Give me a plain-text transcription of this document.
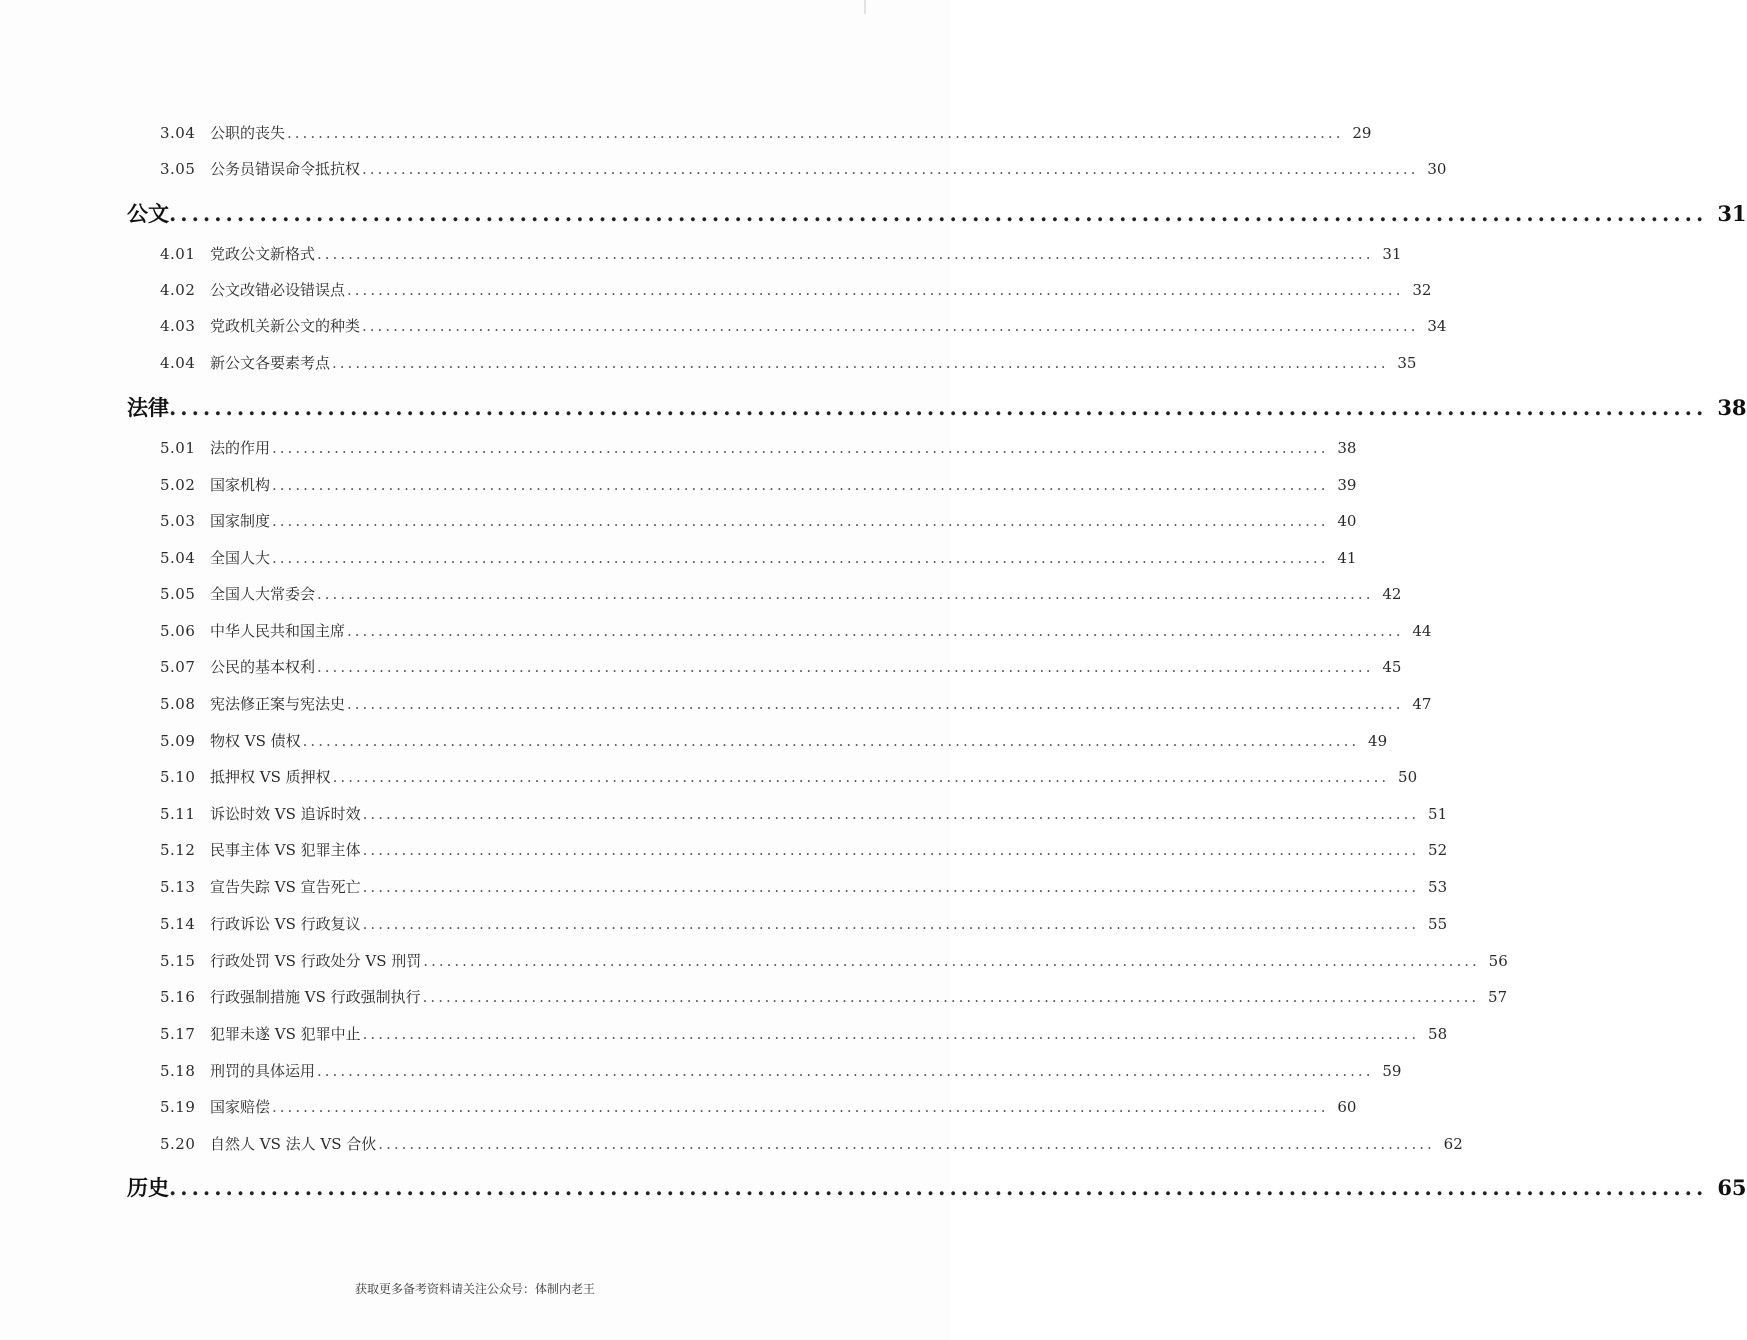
3.04 公职的丧失 ........................................................................................................................................ 29
3.05 公务员错误命令抵抗权 ........................................................................................................................................ 30
公文 ........................................................................................................................................ 31
4.01 党政公文新格式 ........................................................................................................................................ 31
4.02 公文改错必设错误点 ........................................................................................................................................ 32
4.03 党政机关新公文的种类 ........................................................................................................................................ 34
4.04 新公文各要素考点 ........................................................................................................................................ 35
法律 ........................................................................................................................................ 38
5.01 法的作用 ........................................................................................................................................ 38
5.02 国家机构 ........................................................................................................................................ 39
5.03 国家制度 ........................................................................................................................................ 40
5.04 全国人大 ........................................................................................................................................ 41
5.05 全国人大常委会 ........................................................................................................................................ 42
5.06 中华人民共和国主席 ........................................................................................................................................ 44
5.07 公民的基本权利 ........................................................................................................................................ 45
5.08 宪法修正案与宪法史 ........................................................................................................................................ 47
5.09 物权 VS 债权 ........................................................................................................................................ 49
5.10 抵押权 VS 质押权 ........................................................................................................................................ 50
5.11 诉讼时效 VS 追诉时效 ........................................................................................................................................ 51
5.12 民事主体 VS 犯罪主体 ........................................................................................................................................ 52
5.13 宣告失踪 VS 宣告死亡 ........................................................................................................................................ 53
5.14 行政诉讼 VS 行政复议 ........................................................................................................................................ 55
5.15 行政处罚 VS 行政处分 VS 刑罚 ........................................................................................................................................ 56
5.16 行政强制措施 VS 行政强制执行 ........................................................................................................................................ 57
5.17 犯罪未遂 VS 犯罪中止 ........................................................................................................................................ 58
5.18 刑罚的具体运用 ........................................................................................................................................ 59
5.19 国家赔偿 ........................................................................................................................................ 60
5.20 自然人 VS 法人 VS 合伙 ........................................................................................................................................ 62
历史 ........................................................................................................................................ 65
获取更多备考资料请关注公众号：体制内老王
